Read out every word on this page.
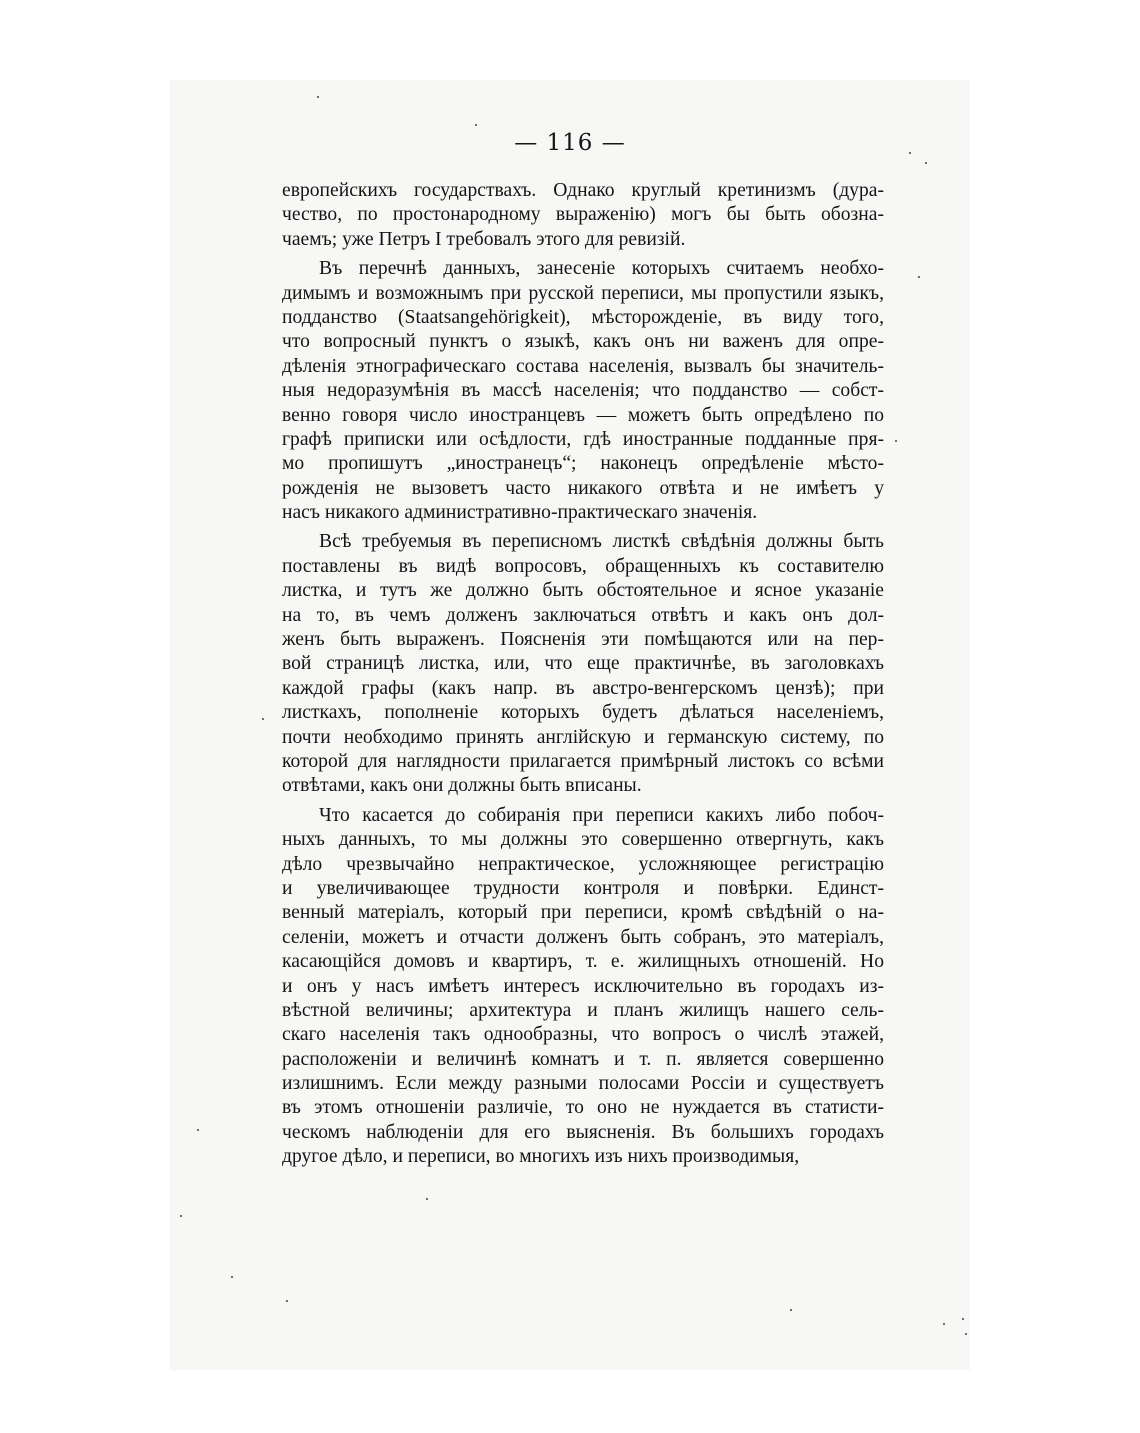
— 116 —
европейскихъ государствахъ. Однако круглый кретинизмъ (дура-
чество, по простонародному выраженію) могъ бы быть обозна-
чаемъ; уже Петръ I требовалъ этого для ревизій.
Въ перечнѣ данныхъ, занесеніе которыхъ считаемъ необхо-
димымъ и возможнымъ при русской переписи, мы пропустили языкъ,
подданство (Staatsangehörigkeit), мѣсторожденіе, въ виду того,
что вопросный пунктъ о языкѣ, какъ онъ ни важенъ для опре-
дѣленія этнографическаго состава населенія, вызвалъ бы значитель-
ныя недоразумѣнія въ массѣ населенія; что подданство — собст-
венно говоря число иностранцевъ — можетъ быть опредѣлено по
графѣ приписки или осѣдлости, гдѣ иностранные подданные пря-
мо пропишутъ „иностранецъ“; наконецъ опредѣленіе мѣсто-
рожденія не вызоветъ часто никакого отвѣта и не имѣетъ у
насъ никакого административно-практическаго значенія.
Всѣ требуемыя въ переписномъ листкѣ свѣдѣнія должны быть
поставлены въ видѣ вопросовъ, обращенныхъ къ составителю
листка, и тутъ же должно быть обстоятельное и ясное указаніе
на то, въ чемъ долженъ заключаться отвѣтъ и какъ онъ дол-
женъ быть выраженъ. Поясненія эти помѣщаются или на пер-
вой страницѣ листка, или, что еще практичнѣе, въ заголовкахъ
каждой графы (какъ напр. въ австро-венгерскомъ цензѣ); при
листкахъ, пополненіе которыхъ будетъ дѣлаться населеніемъ,
почти необходимо принять англійскую и германскую систему, по
которой для наглядности прилагается примѣрный листокъ со всѣми
отвѣтами, какъ они должны быть вписаны.
Что касается до собиранія при переписи какихъ либо побоч-
ныхъ данныхъ, то мы должны это совершенно отвергнуть, какъ
дѣло чрезвычайно непрактическое, усложняющее регистрацію
и увеличивающее трудности контроля и повѣрки. Единст-
венный матеріалъ, который при переписи, кромѣ свѣдѣній о на-
селеніи, можетъ и отчасти долженъ быть собранъ, это матеріалъ,
касающійся домовъ и квартиръ, т. е. жилищныхъ отношеній. Но
и онъ у насъ имѣетъ интересъ исключительно въ городахъ из-
вѣстной величины; архитектура и планъ жилищъ нашего сель-
скаго населенія такъ однообразны, что вопросъ о числѣ этажей,
расположеніи и величинѣ комнатъ и т. п. является совершенно
излишнимъ. Если между разными полосами Россіи и существуетъ
въ этомъ отношеніи различіе, то оно не нуждается въ статисти-
ческомъ наблюденіи для его выясненія. Въ большихъ городахъ
другое дѣло, и переписи, во многихъ изъ нихъ производимыя,
